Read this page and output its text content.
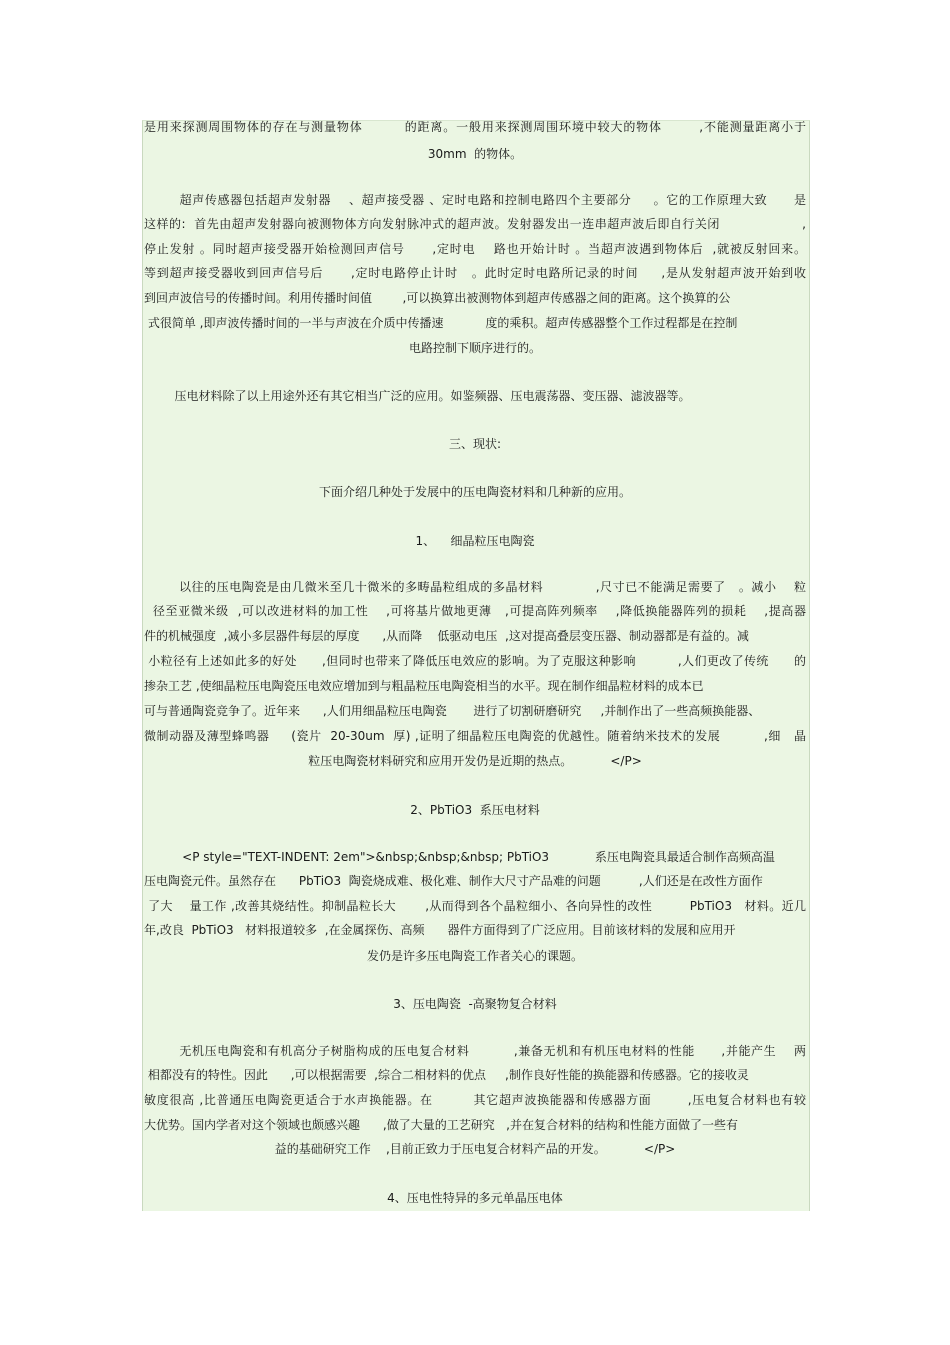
是用来探测周围物体的存在与测量物体         的距离。一般用来探测周围环境中较大的物体        ,不能测量距离小于
30mm  的物体。
超声传感器包括超声发射器    、超声接受器 、定时电路和控制电路四个主要部分     。它的工作原理大致      是
这样的:  首先由超声发射器向被测物体方向发射脉冲式的超声波。发射器发出一连串超声波后即自行关闭                   ,
停止发射 。同时超声接受器开始检测回声信号      ,定时电    路也开始计时 。当超声波遇到物体后  ,就被反射回来。
等到超声接受器收到回声信号后      ,定时电路停止计时   。此时定时电路所记录的时间     ,是从发射超声波开始到收
到回声波信号的传播时间。利用传播时间值        ,可以换算出被测物体到超声传感器之间的距离。这个换算的公
式很简单 ,即声波传播时间的一半与声波在介质中传播速           度的乘积。超声传感器整个工作过程都是在控制
电路控制下顺序进行的。
压电材料除了以上用途外还有其它相当广泛的应用。如鉴频器、压电震荡器、变压器、滤波器等。
三、现状:
下面介绍几种处于发展中的压电陶瓷材料和几种新的应用。
1、    细晶粒压电陶瓷
以往的压电陶瓷是由几微米至几十微米的多畴晶粒组成的多晶材料            ,尺寸已不能满足需要了   。减小    粒
径至亚微米级  ,可以改进材料的加工性    ,可将基片做地更薄   ,可提高阵列频率    ,降低换能器阵列的损耗    ,提高器
件的机械强度  ,减小多层器件每层的厚度      ,从而降    低驱动电压  ,这对提高叠层变压器、制动器都是有益的。减
小粒径有上述如此多的好处      ,但同时也带来了降低压电效应的影响。为了克服这种影响          ,人们更改了传统      的
掺杂工艺 ,使细晶粒压电陶瓷压电效应增加到与粗晶粒压电陶瓷相当的水平。现在制作细晶粒材料的成本已
可与普通陶瓷竞争了。近年来      ,人们用细晶粒压电陶瓷       进行了切割研磨研究     ,并制作出了一些高频换能器、
微制动器及薄型蜂鸣器     (瓷片  20-30um  厚) ,证明了细晶粒压电陶瓷的优越性。随着纳米技术的发展          ,细   晶
粒压电陶瓷材料研究和应用开发仍是近期的热点。          </P>
2、PbTiO3  系压电材料
<P style="TEXT-INDENT: 2em">&nbsp;&nbsp;&nbsp; PbTiO3            系压电陶瓷具最适合制作高频高温
压电陶瓷元件。虽然存在      PbTiO3  陶瓷烧成难、极化难、制作大尺寸产品难的问题          ,人们还是在改性方面作
了大    量工作 ,改善其烧结性。抑制晶粒长大       ,从而得到各个晶粒细小、各向异性的改性         PbTiO3   材料。近几
年,改良  PbTiO3   材料报道较多  ,在金属探伤、高频      器件方面得到了广泛应用。目前该材料的发展和应用开
发仍是许多压电陶瓷工作者关心的课题。
3、压电陶瓷  -高聚物复合材料
无机压电陶瓷和有机高分子树脂构成的压电复合材料          ,兼备无机和有机压电材料的性能      ,并能产生    两
相都没有的特性。因此      ,可以根据需要  ,综合二相材料的优点     ,制作良好性能的换能器和传感器。它的接收灵
敏度很高 ,比普通压电陶瓷更适合于水声换能器。在         其它超声波换能器和传感器方面        ,压电复合材料也有较
大优势。国内学者对这个领域也颇感兴趣      ,做了大量的工艺研究   ,并在复合材料的结构和性能方面做了一些有
益的基础研究工作    ,目前正致力于压电复合材料产品的开发。          </P>
4、压电性特异的多元单晶压电体
